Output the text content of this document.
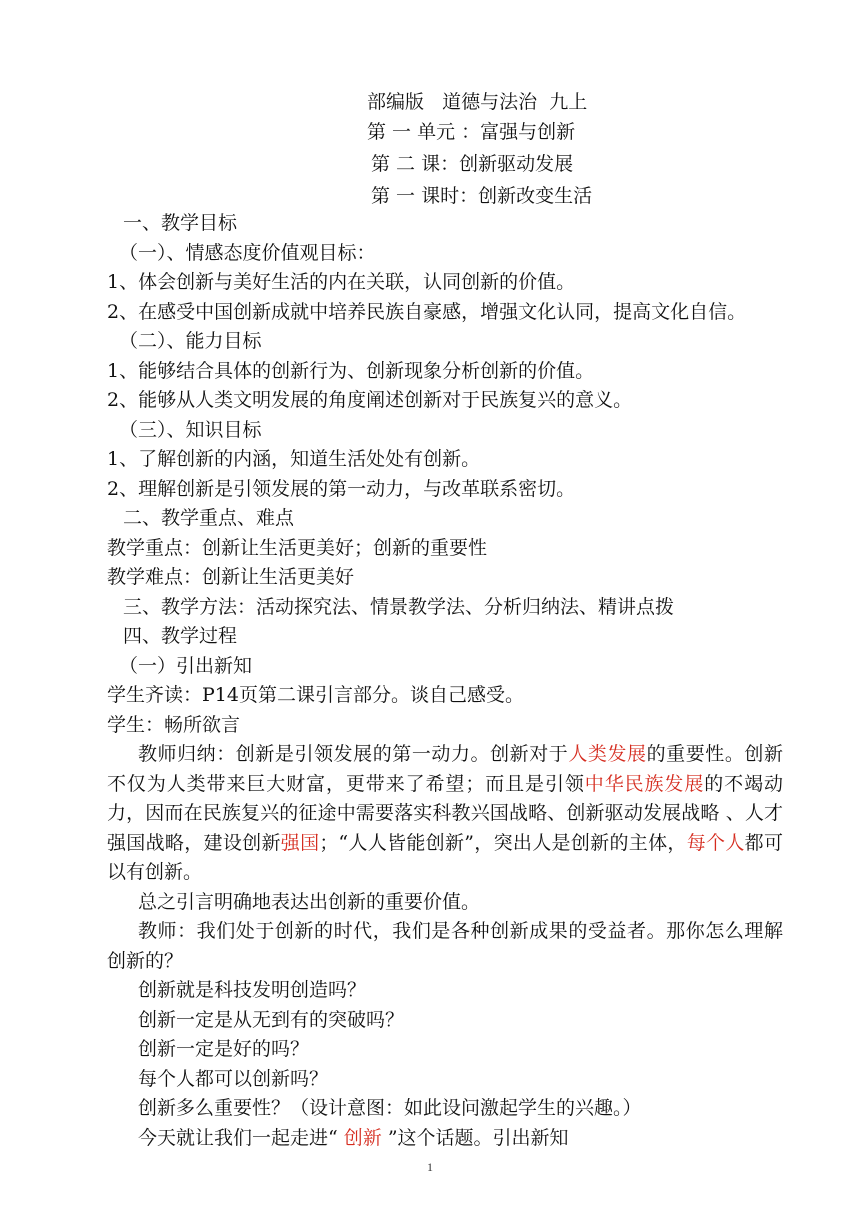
部编版   道德与法治  九上
第 一 单元 ：富强与创新
第 二 课：创新驱动发展
第 一 课时：创新改变生活
一、教学目标
（一）、情感态度价值观目标：
1、体会创新与美好生活的内在关联，认同创新的价值。
2、在感受中国创新成就中培养民族自豪感，增强文化认同，提高文化自信。
（二）、能力目标
1、能够结合具体的创新行为、创新现象分析创新的价值。
2、能够从人类文明发展的角度阐述创新对于民族复兴的意义。
（三）、知识目标
1、了解创新的内涵，知道生活处处有创新。
2、理解创新是引领发展的第一动力，与改革联系密切。
二、教学重点、难点
教学重点：创新让生活更美好；创新的重要性
教学难点：创新让生活更美好
三、教学方法：活动探究法、情景教学法、分析归纳法、精讲点拨
四、教学过程
（一）引出新知
学生齐读：P14页第二课引言部分。谈自己感受。
学生：畅所欲言
教师归纳：创新是引领发展的第一动力。创新对于人类发展的重要性。创新不仅为人类带来巨大财富，更带来了希望；而且是引领中华民族发展的不竭动力，因而在民族复兴的征途中需要落实科教兴国战略、创新驱动发展战略 、人才强国战略，建设创新强国；“人人皆能创新”，突出人是创新的主体，每个人都可以有创新。
总之引言明确地表达出创新的重要价值。
教师：我们处于创新的时代，我们是各种创新成果的受益者。那你怎么理解创新的？
创新就是科技发明创造吗？
创新一定是从无到有的突破吗？
创新一定是好的吗？
每个人都可以创新吗？
创新多么重要性？（设计意图：如此设问激起学生的兴趣。）
今天就让我们一起走进“ 创新 ”这个话题。引出新知
1
